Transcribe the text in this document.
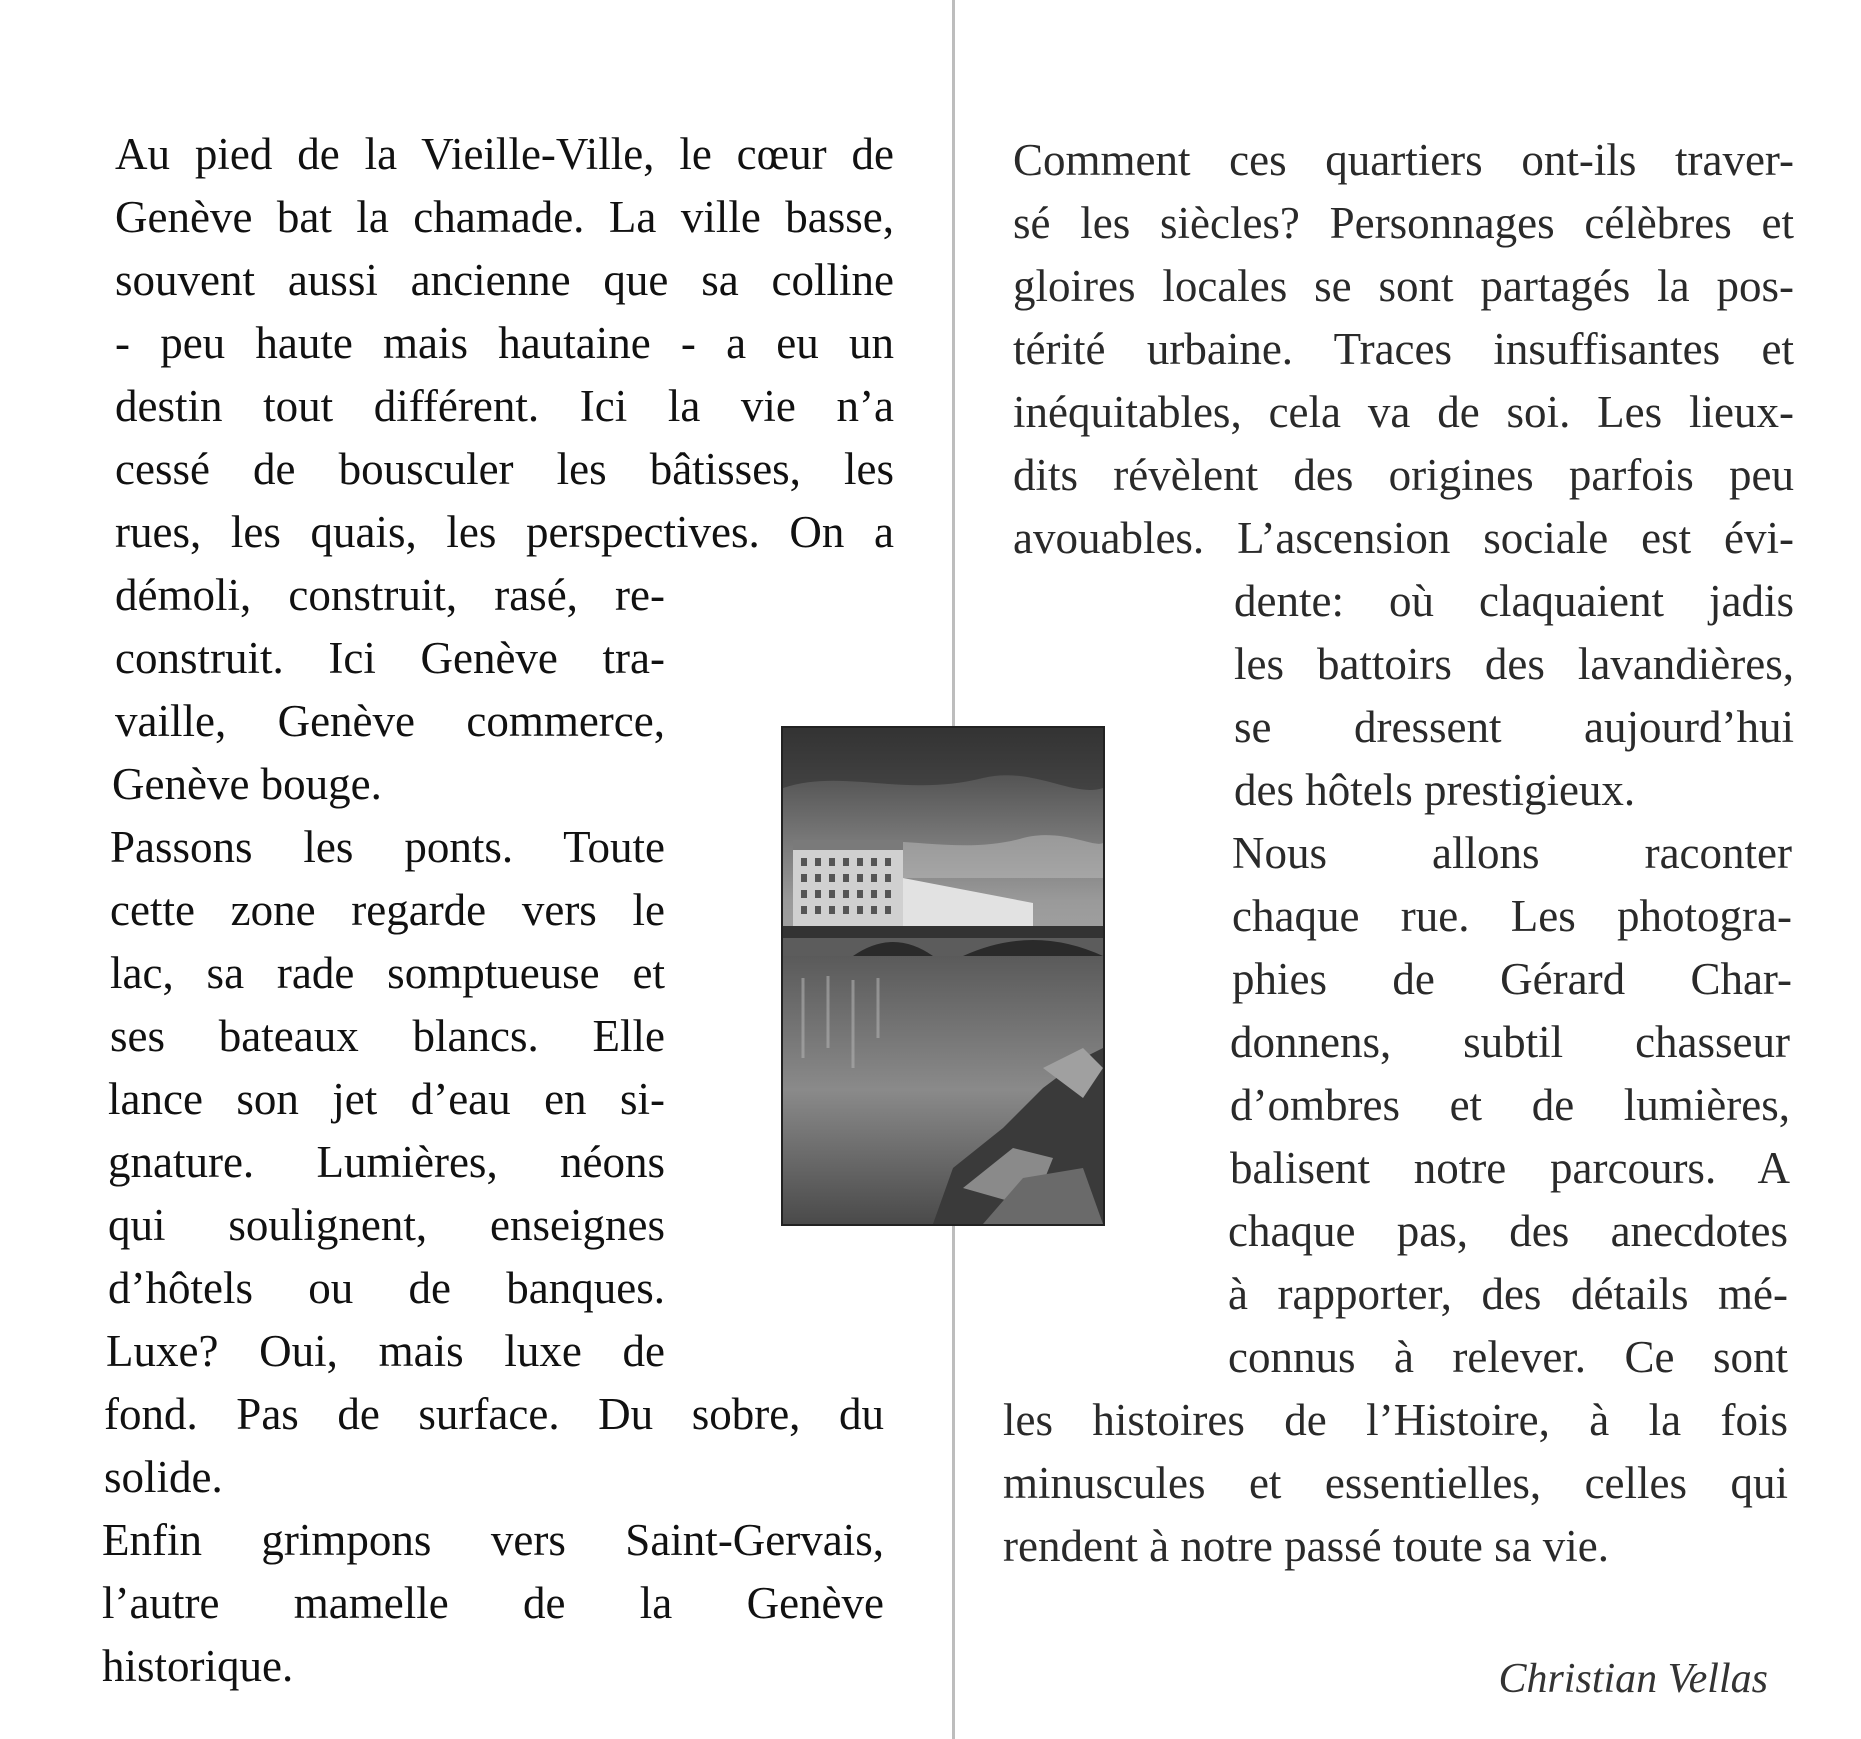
Au pied de la Vieille-Ville, le cœur de
Genève bat la chamade. La ville basse,
souvent aussi ancienne que sa colline
- peu haute mais hautaine - a eu un
destin tout différent. Ici la vie n’a
cessé de bousculer les bâtisses, les
rues, les quais, les perspectives. On a
démoli, construit, rasé, re-
construit. Ici Genève tra-
vaille, Genève commerce,
Genève bouge.
Passons les ponts. Toute
cette zone regarde vers le
lac, sa rade somptueuse et
ses bateaux blancs. Elle
lance son jet d’eau en si-
gnature. Lumières, néons
qui soulignent, enseignes
d’hôtels ou de banques.
Luxe? Oui, mais luxe de
fond. Pas de surface. Du sobre, du
solide.
Enfin grimpons vers Saint-Gervais,
l’autre mamelle de la Genève
historique.
Comment ces quartiers ont-ils traver-
sé les siècles? Personnages célèbres et
gloires locales se sont partagés la pos-
térité urbaine. Traces insuffisantes et
inéquitables, cela va de soi. Les lieux-
dits révèlent des origines parfois peu
avouables. L’ascension sociale est évi-
dente: où claquaient jadis
les battoirs des lavandières,
se dressent aujourd’hui
des hôtels prestigieux.
Nous allons raconter
chaque rue. Les photogra-
phies de Gérard Char-
donnens, subtil chasseur
d’ombres et de lumières,
balisent notre parcours. A
chaque pas, des anecdotes
à rapporter, des détails mé-
connus à relever. Ce sont
les histoires de l’Histoire, à la fois
minuscules et essentielles, celles qui
rendent à notre passé toute sa vie.
Christian Vellas
